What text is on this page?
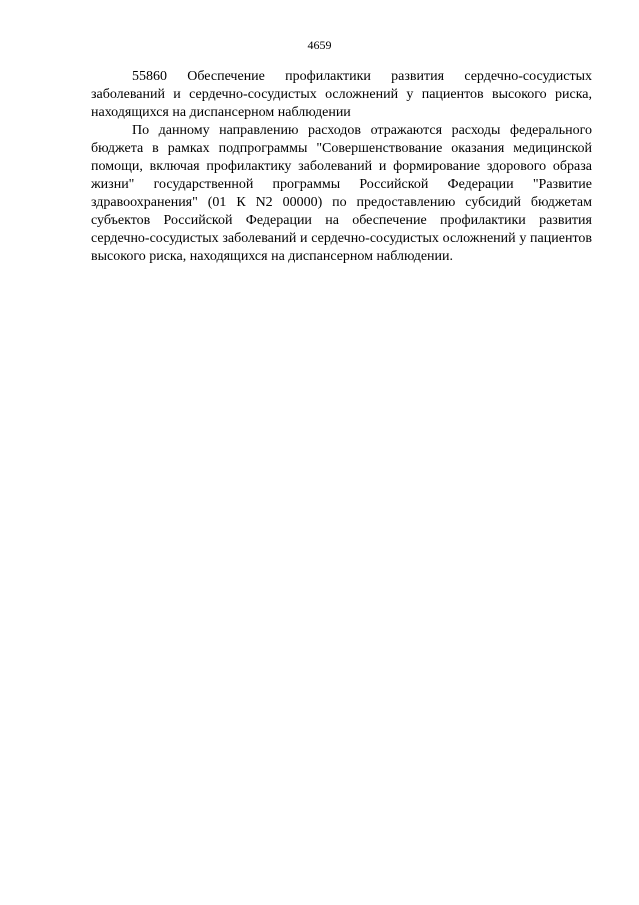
4659

55860 Обеспечение профилактики развития сердечно-сосудистых заболеваний и сердечно-сосудистых осложнений у пациентов высокого риска, находящихся на диспансерном наблюдении

По данному направлению расходов отражаются расходы федерального бюджета в рамках подпрограммы "Совершенствование оказания медицинской помощи, включая профилактику заболеваний и формирование здорового образа жизни" государственной программы Российской Федерации "Развитие здравоохранения" (01 К N2 00000) по предоставлению субсидий бюджетам субъектов Российской Федерации на обеспечение профилактики развития сердечно-сосудистых заболеваний и сердечно-сосудистых осложнений у пациентов высокого риска, находящихся на диспансерном наблюдении.
